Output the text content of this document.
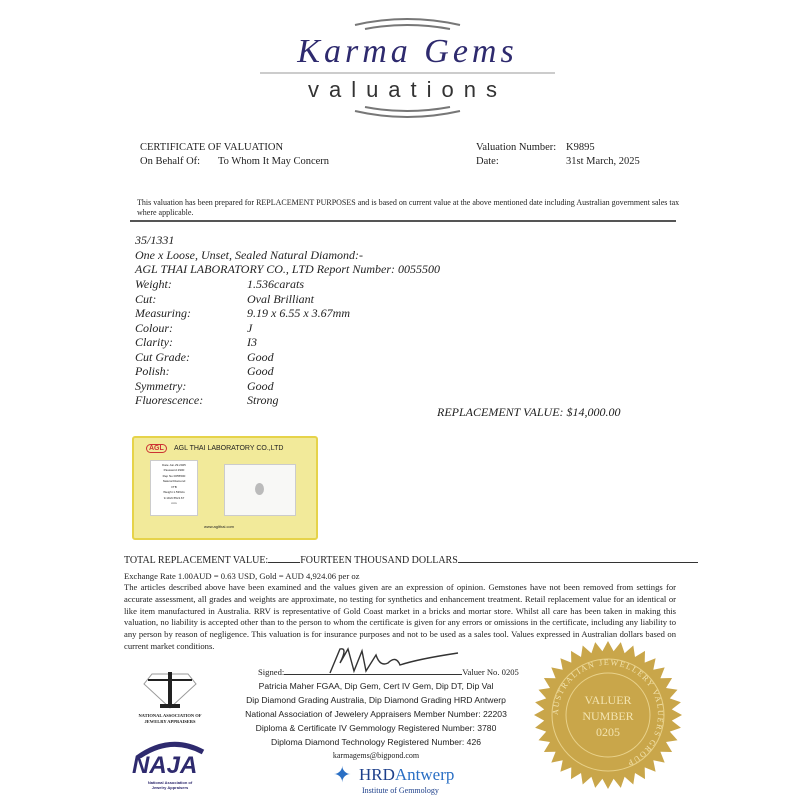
Karma Gems
valuations
CERTIFICATE OF VALUATION
On Behalf Of: To Whom It May Concern
Valuation Number: K9895
Date:	31st March, 2025
This valuation has been prepared for REPLACEMENT PURPOSES and is based on current value at the above mentioned date including Australian government sales tax where applicable.
35/1331
One x Loose, Unset, Sealed Natural Diamond:-
AGL THAI LABORATORY CO., LTD Report Number: 0055500
Weight:	1.536carats
Cut:	Oval Brilliant
Measuring:	9.19 x 6.55 x 3.67mm
Colour:	J
Clarity:	I3
Cut Grade:	Good
Polish:	Good
Symmetry:	Good
Fluorescence:	Strong
REPLACEMENT VALUE: $14,000.00
AGL	AGL THAI LABORATORY CO.,LTD
Date Jun.29.2025
Password 2900
Rep No 0055500
Natural Diamond
I/TB
Weight 1.536cts
9.19x6.55x3.67
mm
www.aglthai.com
TOTAL REPLACEMENT VALUE:	FOURTEEN THOUSAND DOLLARS
Exchange Rate 1.00AUD = 0.63 USD, Gold = AUD 4,924.06 per oz
The articles described above have been examined and the values given are an expression of opinion. Gemstones have not been removed from settings for accurate assessment, all grades and weights are approximate, no testing for synthetics and enhancement treatment. Retail replacement value for an identical or like item manufactured in Australia. RRV is representative of Gold Coast market in a bricks and mortar store. Whilst all care has been taken in making this valuation, no liability is accepted other than to the person to whom the certificate is given for any errors or omissions in the certificate, including any liability to any person by reason of negligence. This valuation is for insurance purposes and not to be used as a sales tool. Values expressed in Australian dollars based on current market conditions.
Signed:	Valuer No. 0205
Patricia Maher FGAA, Dip Gem, Cert IV Gem, Dip DT, Dip Val
Dip Diamond Grading Australia, Dip Diamond Grading HRD Antwerp
National Association of Jewelery Appraisers Member Number: 22203
Diploma & Certificate IV Gemmology Registered Number: 3780
Diploma Diamond Technology Registered Number: 426
karmagems@bigpond.com
NATIONAL ASSOCIATION OF JEWELRY APPRAISERS
NAJA
National Association of
Jewelry Appraisers
✦ HRDAntwerp
Institute of Gemmology
AUSTRALIAN JEWELLERY VALUERS GROUP
VALUER
NUMBER
0205
